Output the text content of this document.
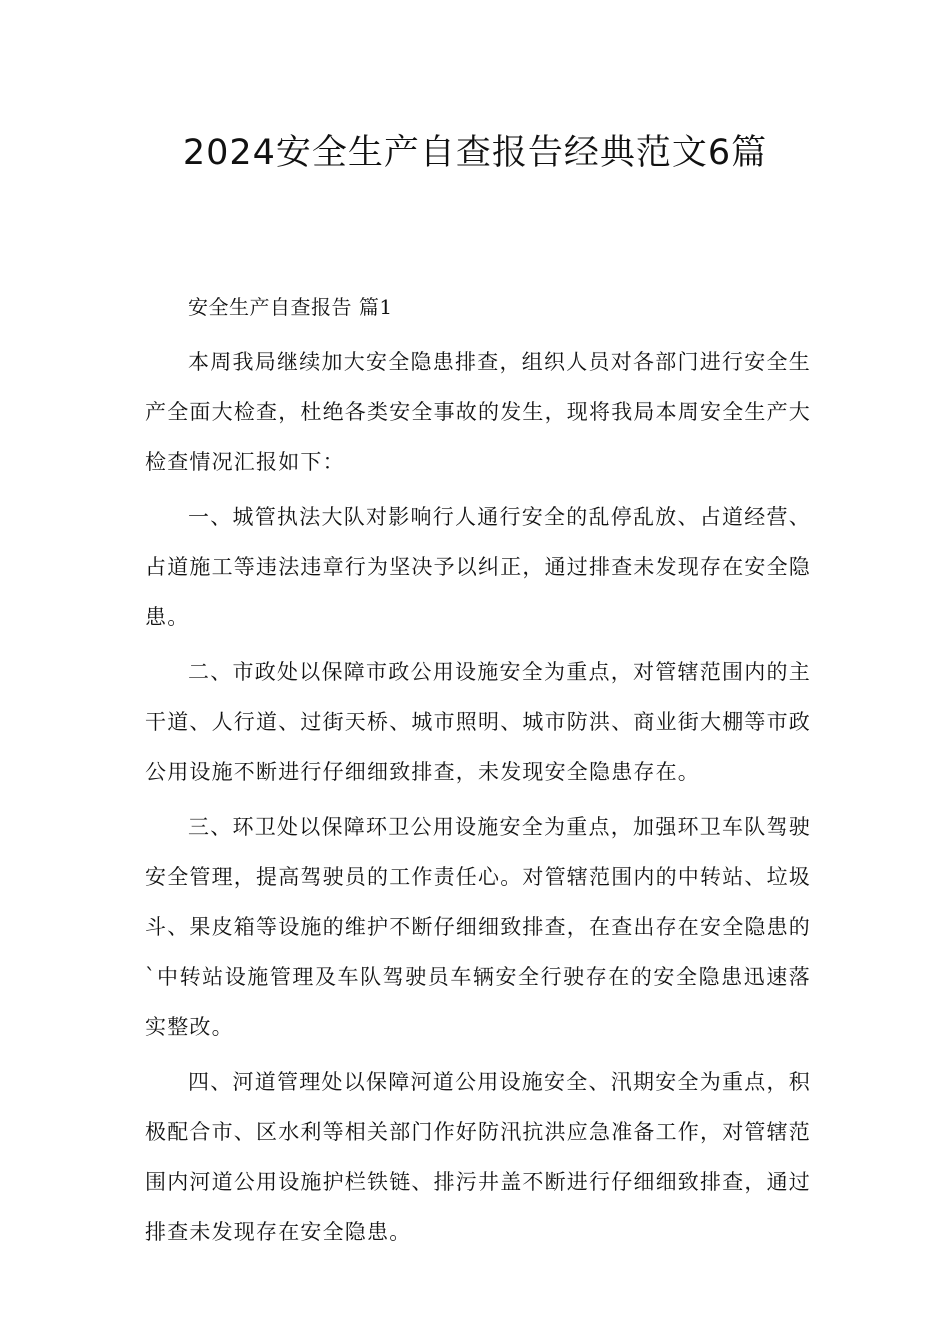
2024安全生产自查报告经典范文6篇

安全生产自查报告 篇1

本周我局继续加大安全隐患排查，组织人员对各部门进行安全生产全面大检查，杜绝各类安全事故的发生，现将我局本周安全生产大检查情况汇报如下：

一、城管执法大队对影响行人通行安全的乱停乱放、占道经营、占道施工等违法违章行为坚决予以纠正，通过排查未发现存在安全隐患。

二、市政处以保障市政公用设施安全为重点，对管辖范围内的主干道、人行道、过街天桥、城市照明、城市防洪、商业街大棚等市政公用设施不断进行仔细细致排查，未发现安全隐患存在。

三、环卫处以保障环卫公用设施安全为重点，加强环卫车队驾驶安全管理，提高驾驶员的工作责任心。对管辖范围内的中转站、垃圾斗、果皮箱等设施的维护不断仔细细致排查，在查出存在安全隐患的`中转站设施管理及车队驾驶员车辆安全行驶存在的安全隐患迅速落实整改。

四、河道管理处以保障河道公用设施安全、汛期安全为重点，积极配合市、区水利等相关部门作好防汛抗洪应急准备工作，对管辖范围内河道公用设施护栏铁链、排污井盖不断进行仔细细致排查，通过排查未发现存在安全隐患。
